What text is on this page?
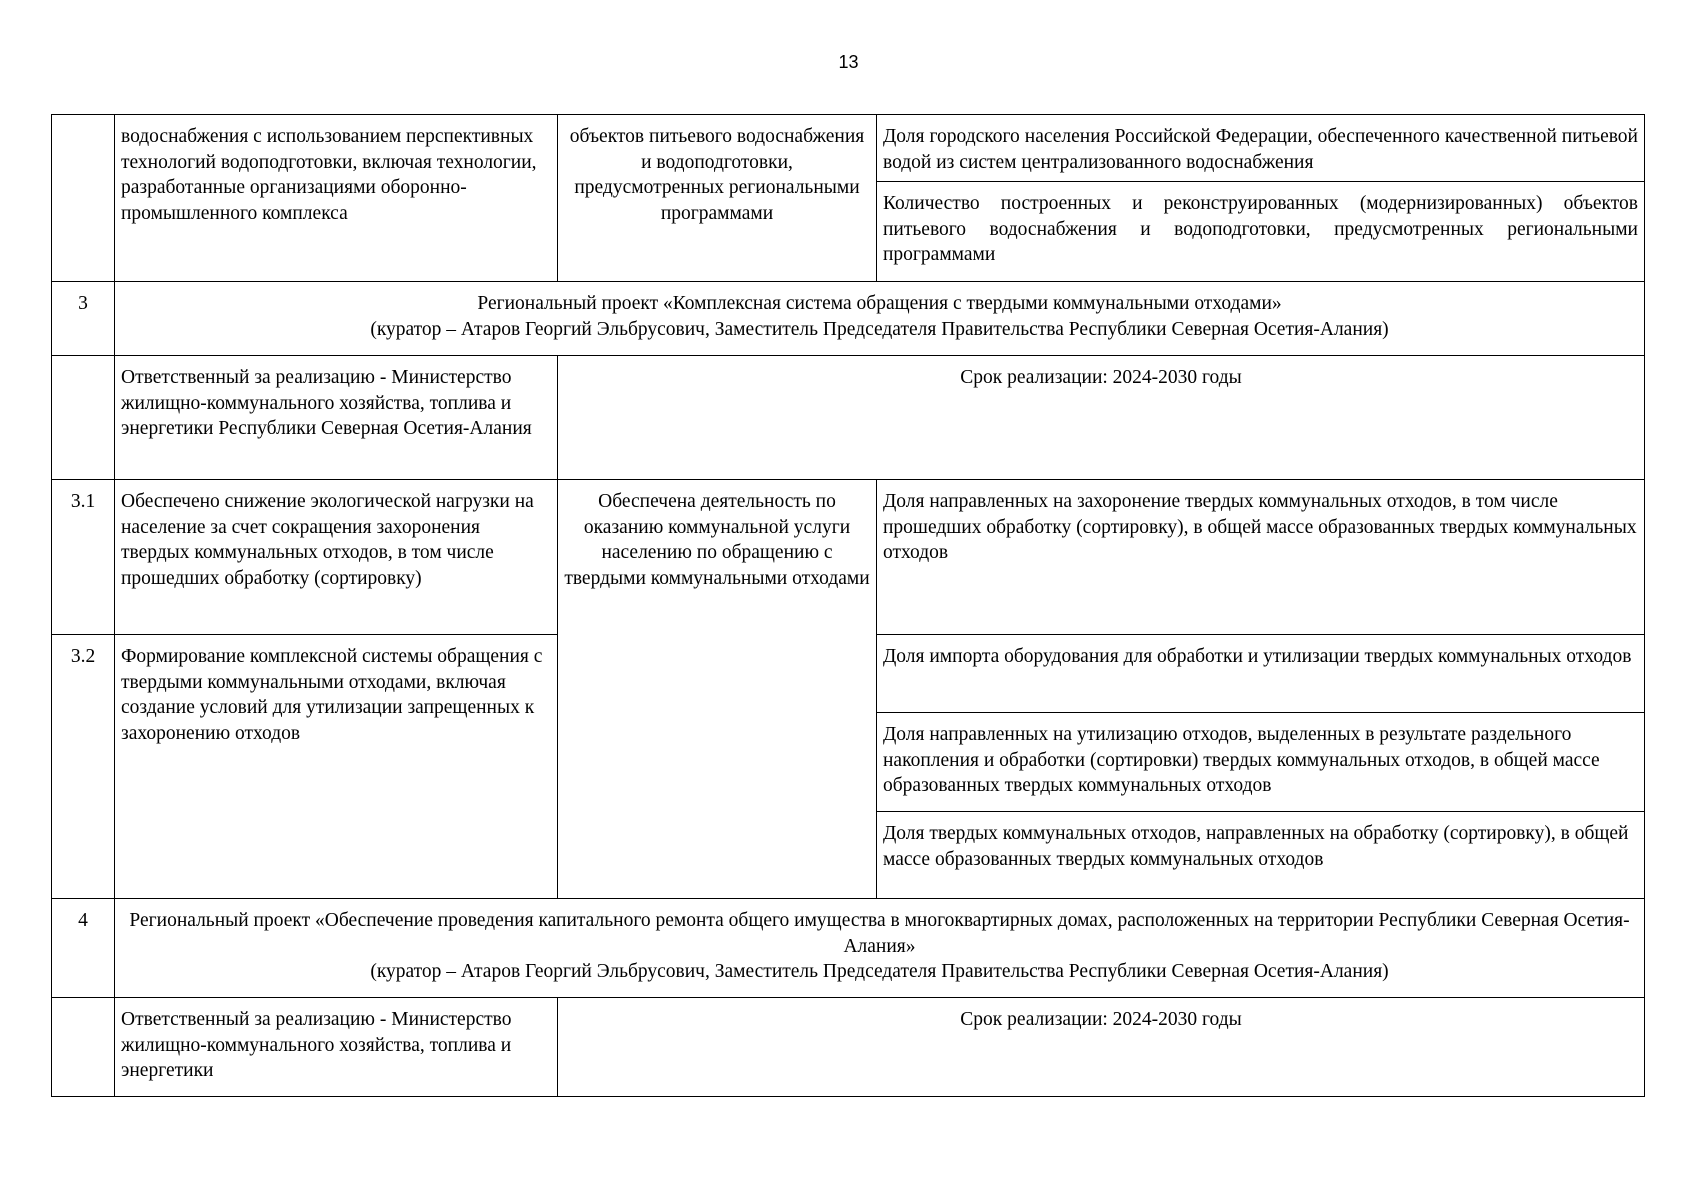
13
	водоснабжения с использованием перспективных технологий водоподготовки, включая технологии, разработанные организациями оборонно-промышленного комплекса	объектов питьевого водоснабжения и водоподготовки, предусмотренных региональными программами	Доля городского населения Российской Федерации, обеспеченного качественной питьевой водой из систем централизованного водоснабжения
			Количество построенных и реконструированных (модернизированных) объектов питьевого водоснабжения и водоподготовки, предусмотренных региональными программами
3	Региональный проект «Комплексная система обращения с твердыми коммунальными отходами»
(куратор – Атаров Георгий Эльбрусович, Заместитель Председателя Правительства Республики Северная Осетия-Алания)		

	Ответственный за реализацию - Министерство жилищно-коммунального хозяйства, топлива и энергетики Республики Северная Осетия-Алания	Срок реализации: 2024-2030 годы	
3.1	Обеспечено снижение экологической нагрузки на население за счет сокращения захоронения твердых коммунальных отходов, в том числе прошедших обработку (сортировку)	Обеспечена деятельность по оказанию коммунальной услуги населению по обращению с твердыми коммунальными отходами	Доля направленных на захоронение твердых коммунальных отходов, в том числе прошедших обработку (сортировку), в общей массе образованных твердых коммунальных отходов
3.2	Формирование комплексной системы обращения с твердыми коммунальными отходами, включая создание условий для утилизации запрещенных к захоронению отходов		Доля импорта оборудования для обработки и утилизации твердых коммунальных отходов
			Доля направленных на утилизацию отходов, выделенных в результате раздельного накопления и обработки (сортировки) твердых коммунальных отходов, в общей массе образованных твердых коммунальных отходов
			Доля твердых коммунальных отходов, направленных на обработку (сортировку), в общей массе образованных твердых коммунальных отходов
4	Региональный проект «Обеспечение проведения капитального ремонта общего имущества в многоквартирных домах, расположенных на территории Республики Северная Осетия-Алания»
(куратор – Атаров Георгий Эльбрусович, Заместитель Председателя Правительства Республики Северная Осетия-Алания)		

	Ответственный за реализацию - Министерство жилищно-коммунального хозяйства, топлива и энергетики	Срок реализации: 2024-2030 годы	
